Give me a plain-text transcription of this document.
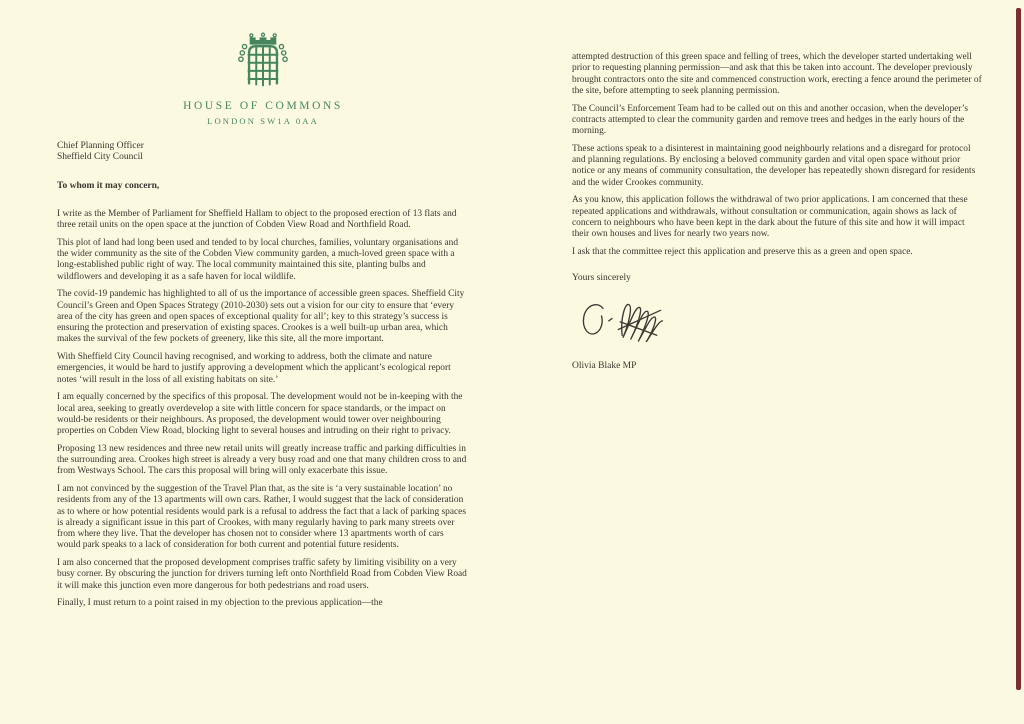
HOUSE OF COMMONS
LONDON SW1A 0AA
Chief Planning Officer
Sheffield City Council

To whom it may concern,

I write as the Member of Parliament for Sheffield Hallam to object to the proposed erection of 13 flats and three retail units on the open space at the junction of Cobden View Road and Northfield Road.

This plot of land had long been used and tended to by local churches, families, voluntary organisations and the wider community as the site of the Cobden View community garden, a much-loved green space with a long-established public right of way. The local community maintained this site, planting bulbs and wildflowers and developing it as a safe haven for local wildlife.

The covid-19 pandemic has highlighted to all of us the importance of accessible green spaces. Sheffield City Council’s Green and Open Spaces Strategy (2010-2030) sets out a vision for our city to ensure that ‘every area of the city has green and open spaces of exceptional quality for all’; key to this strategy’s success is ensuring the protection and preservation of existing spaces. Crookes is a well built-up urban area, which makes the survival of the few pockets of greenery, like this site, all the more important.

With Sheffield City Council having recognised, and working to address, both the climate and nature emergencies, it would be hard to justify approving a development which the applicant’s ecological report notes ‘will result in the loss of all existing habitats on site.’

I am equally concerned by the specifics of this proposal. The development would not be in-keeping with the local area, seeking to greatly overdevelop a site with little concern for space standards, or the impact on would-be residents or their neighbours. As proposed, the development would tower over neighbouring properties on Cobden View Road, blocking light to several houses and intruding on their right to privacy.

Proposing 13 new residences and three new retail units will greatly increase traffic and parking difficulties in the surrounding area. Crookes high street is already a very busy road and one that many children cross to and from Westways School. The cars this proposal will bring will only exacerbate this issue.

I am not convinced by the suggestion of the Travel Plan that, as the site is ‘a very sustainable location’ no residents from any of the 13 apartments will own cars. Rather, I would suggest that the lack of consideration as to where or how potential residents would park is a refusal to address the fact that a lack of parking spaces is already a significant issue in this part of Crookes, with many regularly having to park many streets over from where they live. That the developer has chosen not to consider where 13 apartments worth of cars would park speaks to a lack of consideration for both current and potential future residents.

I am also concerned that the proposed development comprises traffic safety by limiting visibility on a very busy corner. By obscuring the junction for drivers turning left onto Northfield Road from Cobden View Road it will make this junction even more dangerous for both pedestrians and road users.

Finally, I must return to a point raised in my objection to the previous application—the

attempted destruction of this green space and felling of trees, which the developer started undertaking well prior to requesting planning permission—and ask that this be taken into account. The developer previously brought contractors onto the site and commenced construction work, erecting a fence around the perimeter of the site, before attempting to seek planning permission.

The Council’s Enforcement Team had to be called out on this and another occasion, when the developer’s contracts attempted to clear the community garden and remove trees and hedges in the early hours of the morning.

These actions speak to a disinterest in maintaining good neighbourly relations and a disregard for protocol and planning regulations. By enclosing a beloved community garden and vital open space without prior notice or any means of community consultation, the developer has repeatedly shown disregard for residents and the wider Crookes community.

As you know, this application follows the withdrawal of two prior applications. I am concerned that these repeated applications and withdrawals, without consultation or communication, again shows as lack of concern to neighbours who have been kept in the dark about the future of this site and how it will impact their own houses and lives for nearly two years now.

I ask that the committee reject this application and preserve this as a green and open space.

Yours sincerely

Olivia Blake MP
